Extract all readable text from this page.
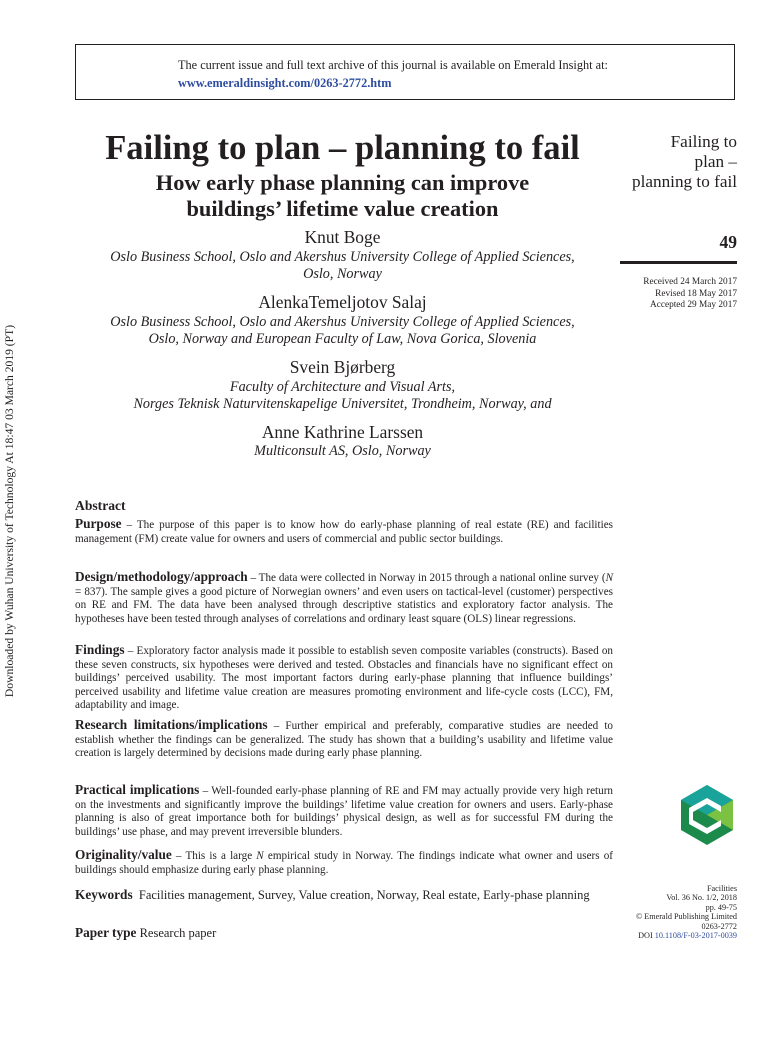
Downloaded by Wuhan University of Technology At 18:47 03 March 2019 (PT)
The current issue and full text archive of this journal is available on Emerald Insight at:
www.emeraldinsight.com/0263-2772.htm
Failing to plan – planning to fail
How early phase planning can improve
buildings’ lifetime value creation
Knut Boge
Oslo Business School, Oslo and Akershus University College of Applied Sciences,
Oslo, Norway
AlenkaTemeljotov Salaj
Oslo Business School, Oslo and Akershus University College of Applied Sciences,
Oslo, Norway and European Faculty of Law, Nova Gorica, Slovenia
Svein Bjørberg
Faculty of Architecture and Visual Arts,
Norges Teknisk Naturvitenskapelige Universitet, Trondheim, Norway, and
Anne Kathrine Larssen
Multiconsult AS, Oslo, Norway
Failing to
plan –
planning to fail
49
Received 24 March 2017
Revised 18 May 2017
Accepted 29 May 2017
Abstract
Purpose – The purpose of this paper is to know how do early-phase planning of real estate (RE) and facilities management (FM) create value for owners and users of commercial and public sector buildings.
Design/methodology/approach – The data were collected in Norway in 2015 through a national online survey (N = 837). The sample gives a good picture of Norwegian owners’ and even users on tactical-level (customer) perspectives on RE and FM. The data have been analysed through descriptive statistics and exploratory factor analysis. The hypotheses have been tested through analyses of correlations and ordinary least square (OLS) linear regressions.
Findings – Exploratory factor analysis made it possible to establish seven composite variables (constructs). Based on these seven constructs, six hypotheses were derived and tested. Obstacles and financials have no significant effect on buildings’ perceived usability. The most important factors during early-phase planning that influence buildings’ perceived usability and lifetime value creation are measures promoting environment and life-cycle costs (LCC), FM, adaptability and image.
Research limitations/implications – Further empirical and preferably, comparative studies are needed to establish whether the findings can be generalized. The study has shown that a building’s usability and lifetime value creation is largely determined by decisions made during early phase planning.
Practical implications – Well-founded early-phase planning of RE and FM may actually provide very high return on the investments and significantly improve the buildings’ lifetime value creation for owners and users. Early-phase planning is also of great importance both for buildings’ physical design, as well as for successful FM during the buildings’ use phase, and may prevent irreversible blunders.
Originality/value – This is a large N empirical study in Norway. The findings indicate what owner and users of buildings should emphasize during early phase planning.
Keywords Facilities management, Survey, Value creation, Norway, Real estate, Early-phase planning
Paper type Research paper
Facilities
Vol. 36 No. 1/2, 2018
pp. 49-75
© Emerald Publishing Limited
0263-2772
DOI 10.1108/F-03-2017-0039
